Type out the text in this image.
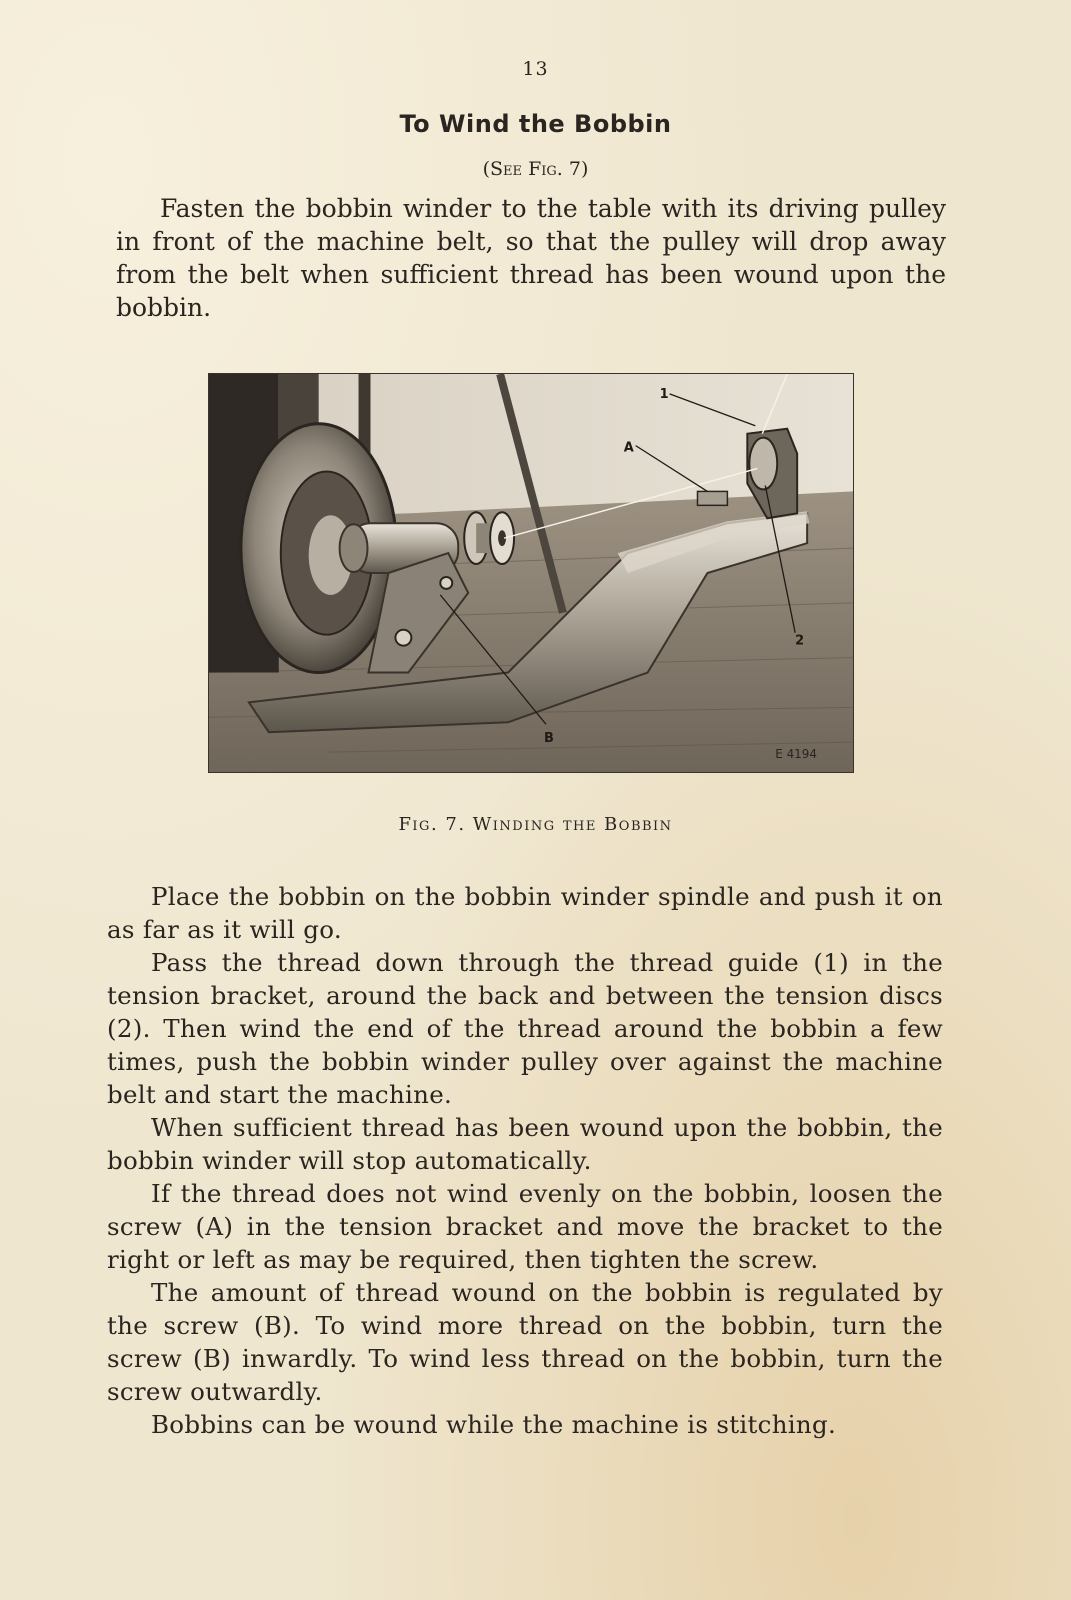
13
To Wind the Bobbin
(See Fig. 7)

Fasten the bobbin winder to the table with its driving pulley in front of the machine belt, so that the pulley will drop away from the belt when sufficient thread has been wound upon the bobbin.

1
A
2
B
E 4194
Fig. 7. Winding the Bobbin

Place the bobbin on the bobbin winder spindle and push it on as far as it will go.

Pass the thread down through the thread guide (1) in the tension bracket, around the back and between the tension discs (2). Then wind the end of the thread around the bobbin a few times, push the bobbin winder pulley over against the machine belt and start the machine.

When sufficient thread has been wound upon the bobbin, the bobbin winder will stop automatically.

If the thread does not wind evenly on the bobbin, loosen the screw (A) in the tension bracket and move the bracket to the right or left as may be required, then tighten the screw.

The amount of thread wound on the bobbin is regulated by the screw (B). To wind more thread on the bobbin, turn the screw (B) inwardly. To wind less thread on the bobbin, turn the screw outwardly.

Bobbins can be wound while the machine is stitching.
